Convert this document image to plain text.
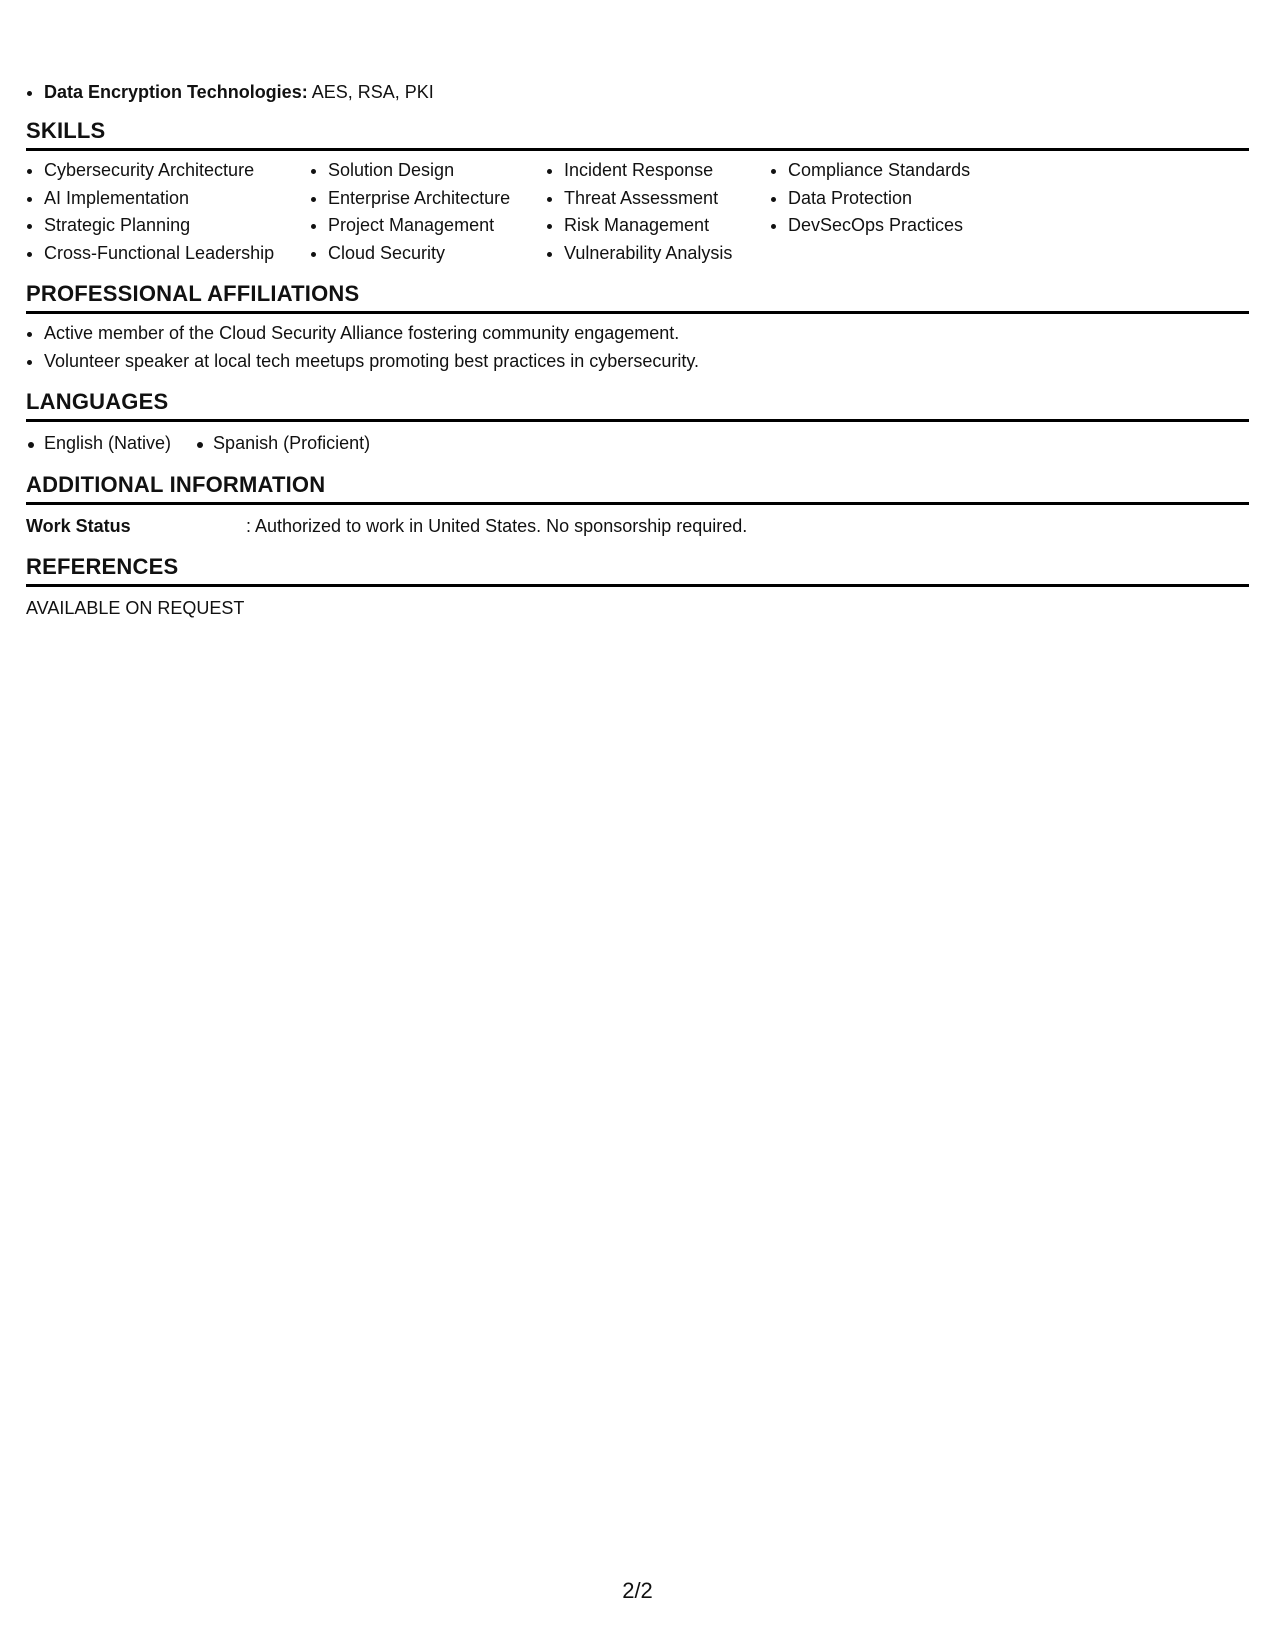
• Data Encryption Technologies: AES, RSA, PKI
SKILLS
• Cybersecurity Architecture
• AI Implementation
• Strategic Planning
• Cross-Functional Leadership
• Solution Design
• Enterprise Architecture
• Project Management
• Cloud Security
• Incident Response
• Threat Assessment
• Risk Management
• Vulnerability Analysis
• Compliance Standards
• Data Protection
• DevSecOps Practices
PROFESSIONAL AFFILIATIONS
• Active member of the Cloud Security Alliance fostering community engagement.
• Volunteer speaker at local tech meetups promoting best practices in cybersecurity.
LANGUAGES
English (Native)	Spanish (Proficient)
ADDITIONAL INFORMATION
Work Status	: Authorized to work in United States. No sponsorship required.
REFERENCES
AVAILABLE ON REQUEST
2/2
